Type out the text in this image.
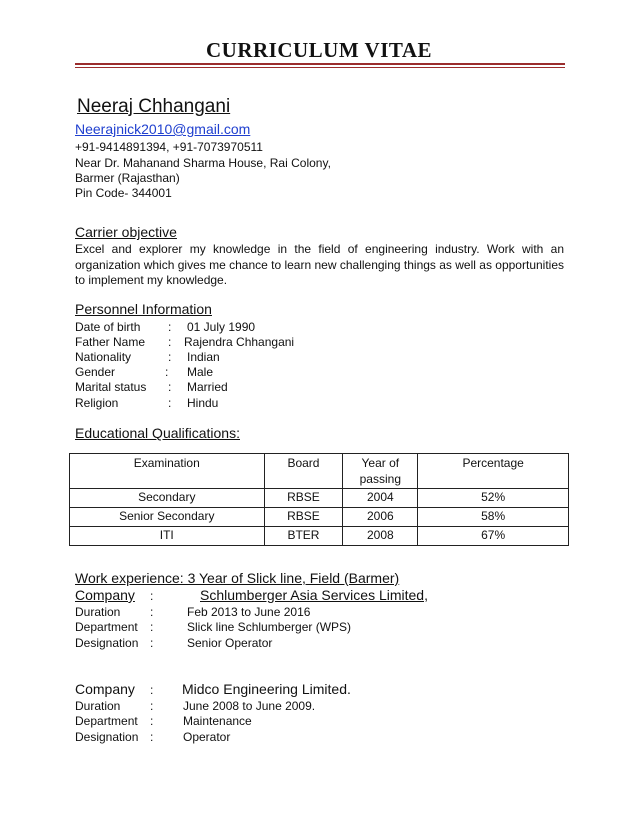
CURRICULUM VITAE
Neeraj Chhangani
Neerajnick2010@gmail.com
+91-9414891394, +91-7073970511
Near Dr. Mahanand Sharma House, Rai Colony,
Barmer (Rajasthan)
Pin Code- 344001
Carrier objective
Excel and explorer my knowledge in the field of engineering industry. Work with an organization which gives me chance to learn new challenging things as well as opportunities to implement my knowledge.
Personnel Information
Date of birth : 01 July 1990
Father Name : Rajendra Chhangani
Nationality	: Indian
Gender	: Male
Marital status : Married
Religion	: Hindu
Educational Qualifications:
Examination	Board	Year of passing	Percentage
Secondary	RBSE	2004	52%
Senior Secondary	RBSE	2006	58%
ITI	BTER	2008	67%
Work experience: 3 Year of Slick line, Field (Barmer)
Company :	Schlumberger Asia Services Limited,
Duration :	Feb 2013 to June 2016
Department :	Slick line Schlumberger (WPS)
Designation :	Senior Operator
Company : Midco Engineering Limited.
Duration : June 2008 to June 2009.
Department : Maintenance
Designation : Operator
